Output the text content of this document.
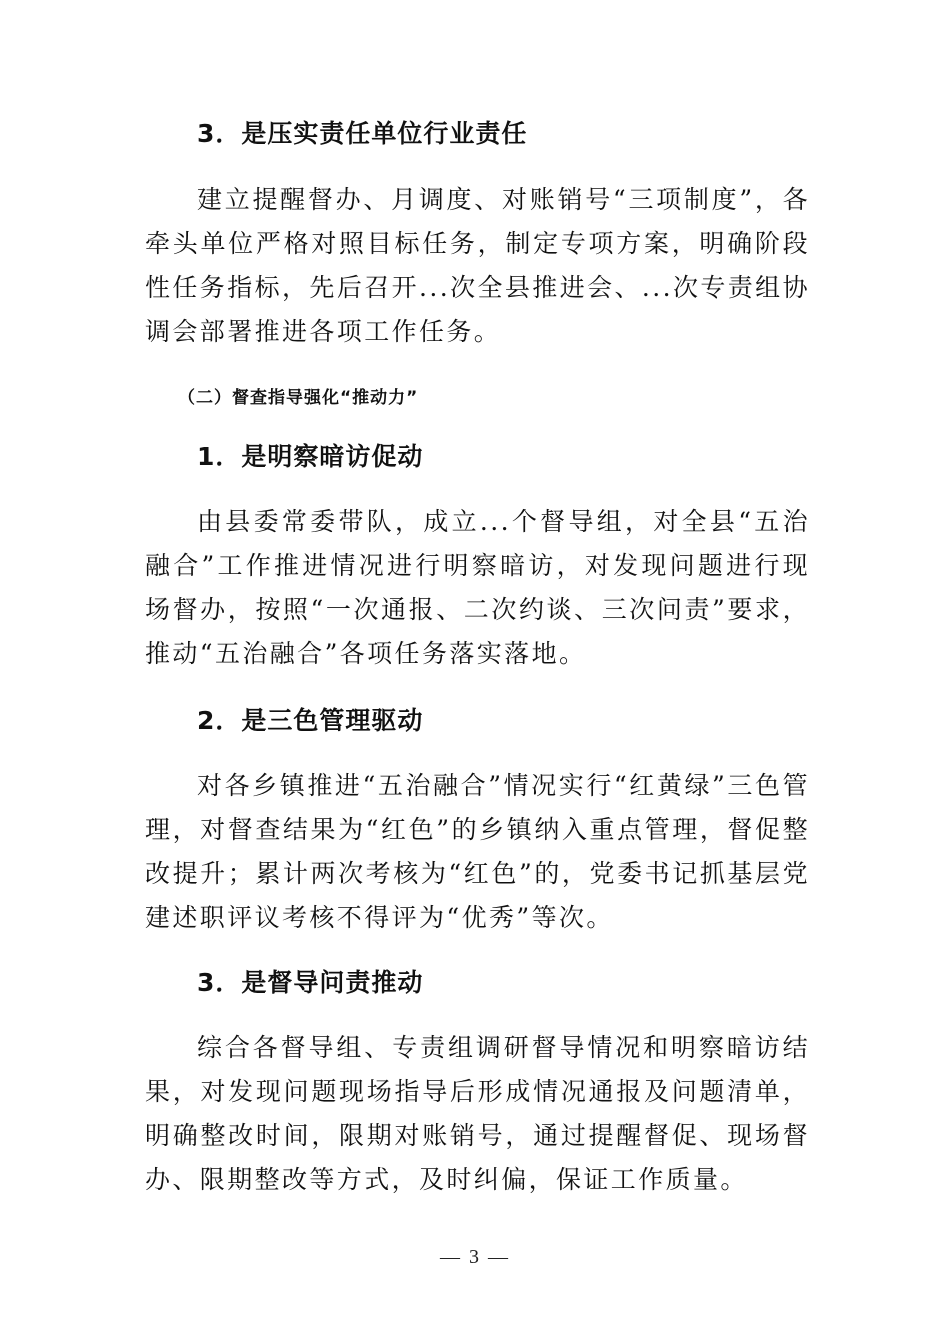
3．是压实责任单位行业责任
建立提醒督办、月调度、对账销号“三项制度”，各牵头单位严格对照目标任务，制定专项方案，明确阶段性任务指标，先后召开...次全县推进会、...次专责组协调会部署推进各项工作任务。
（二）督查指导强化“推动力”
1．是明察暗访促动
由县委常委带队，成立...个督导组，对全县“五治融合”工作推进情况进行明察暗访，对发现问题进行现场督办，按照“一次通报、二次约谈、三次问责”要求，推动“五治融合”各项任务落实落地。
2．是三色管理驱动
对各乡镇推进“五治融合”情况实行“红黄绿”三色管理，对督查结果为“红色”的乡镇纳入重点管理，督促整改提升；累计两次考核为“红色”的，党委书记抓基层党建述职评议考核不得评为“优秀”等次。
3．是督导问责推动
综合各督导组、专责组调研督导情况和明察暗访结果，对发现问题现场指导后形成情况通报及问题清单，明确整改时间，限期对账销号，通过提醒督促、现场督办、限期整改等方式，及时纠偏，保证工作质量。
— 3 —
